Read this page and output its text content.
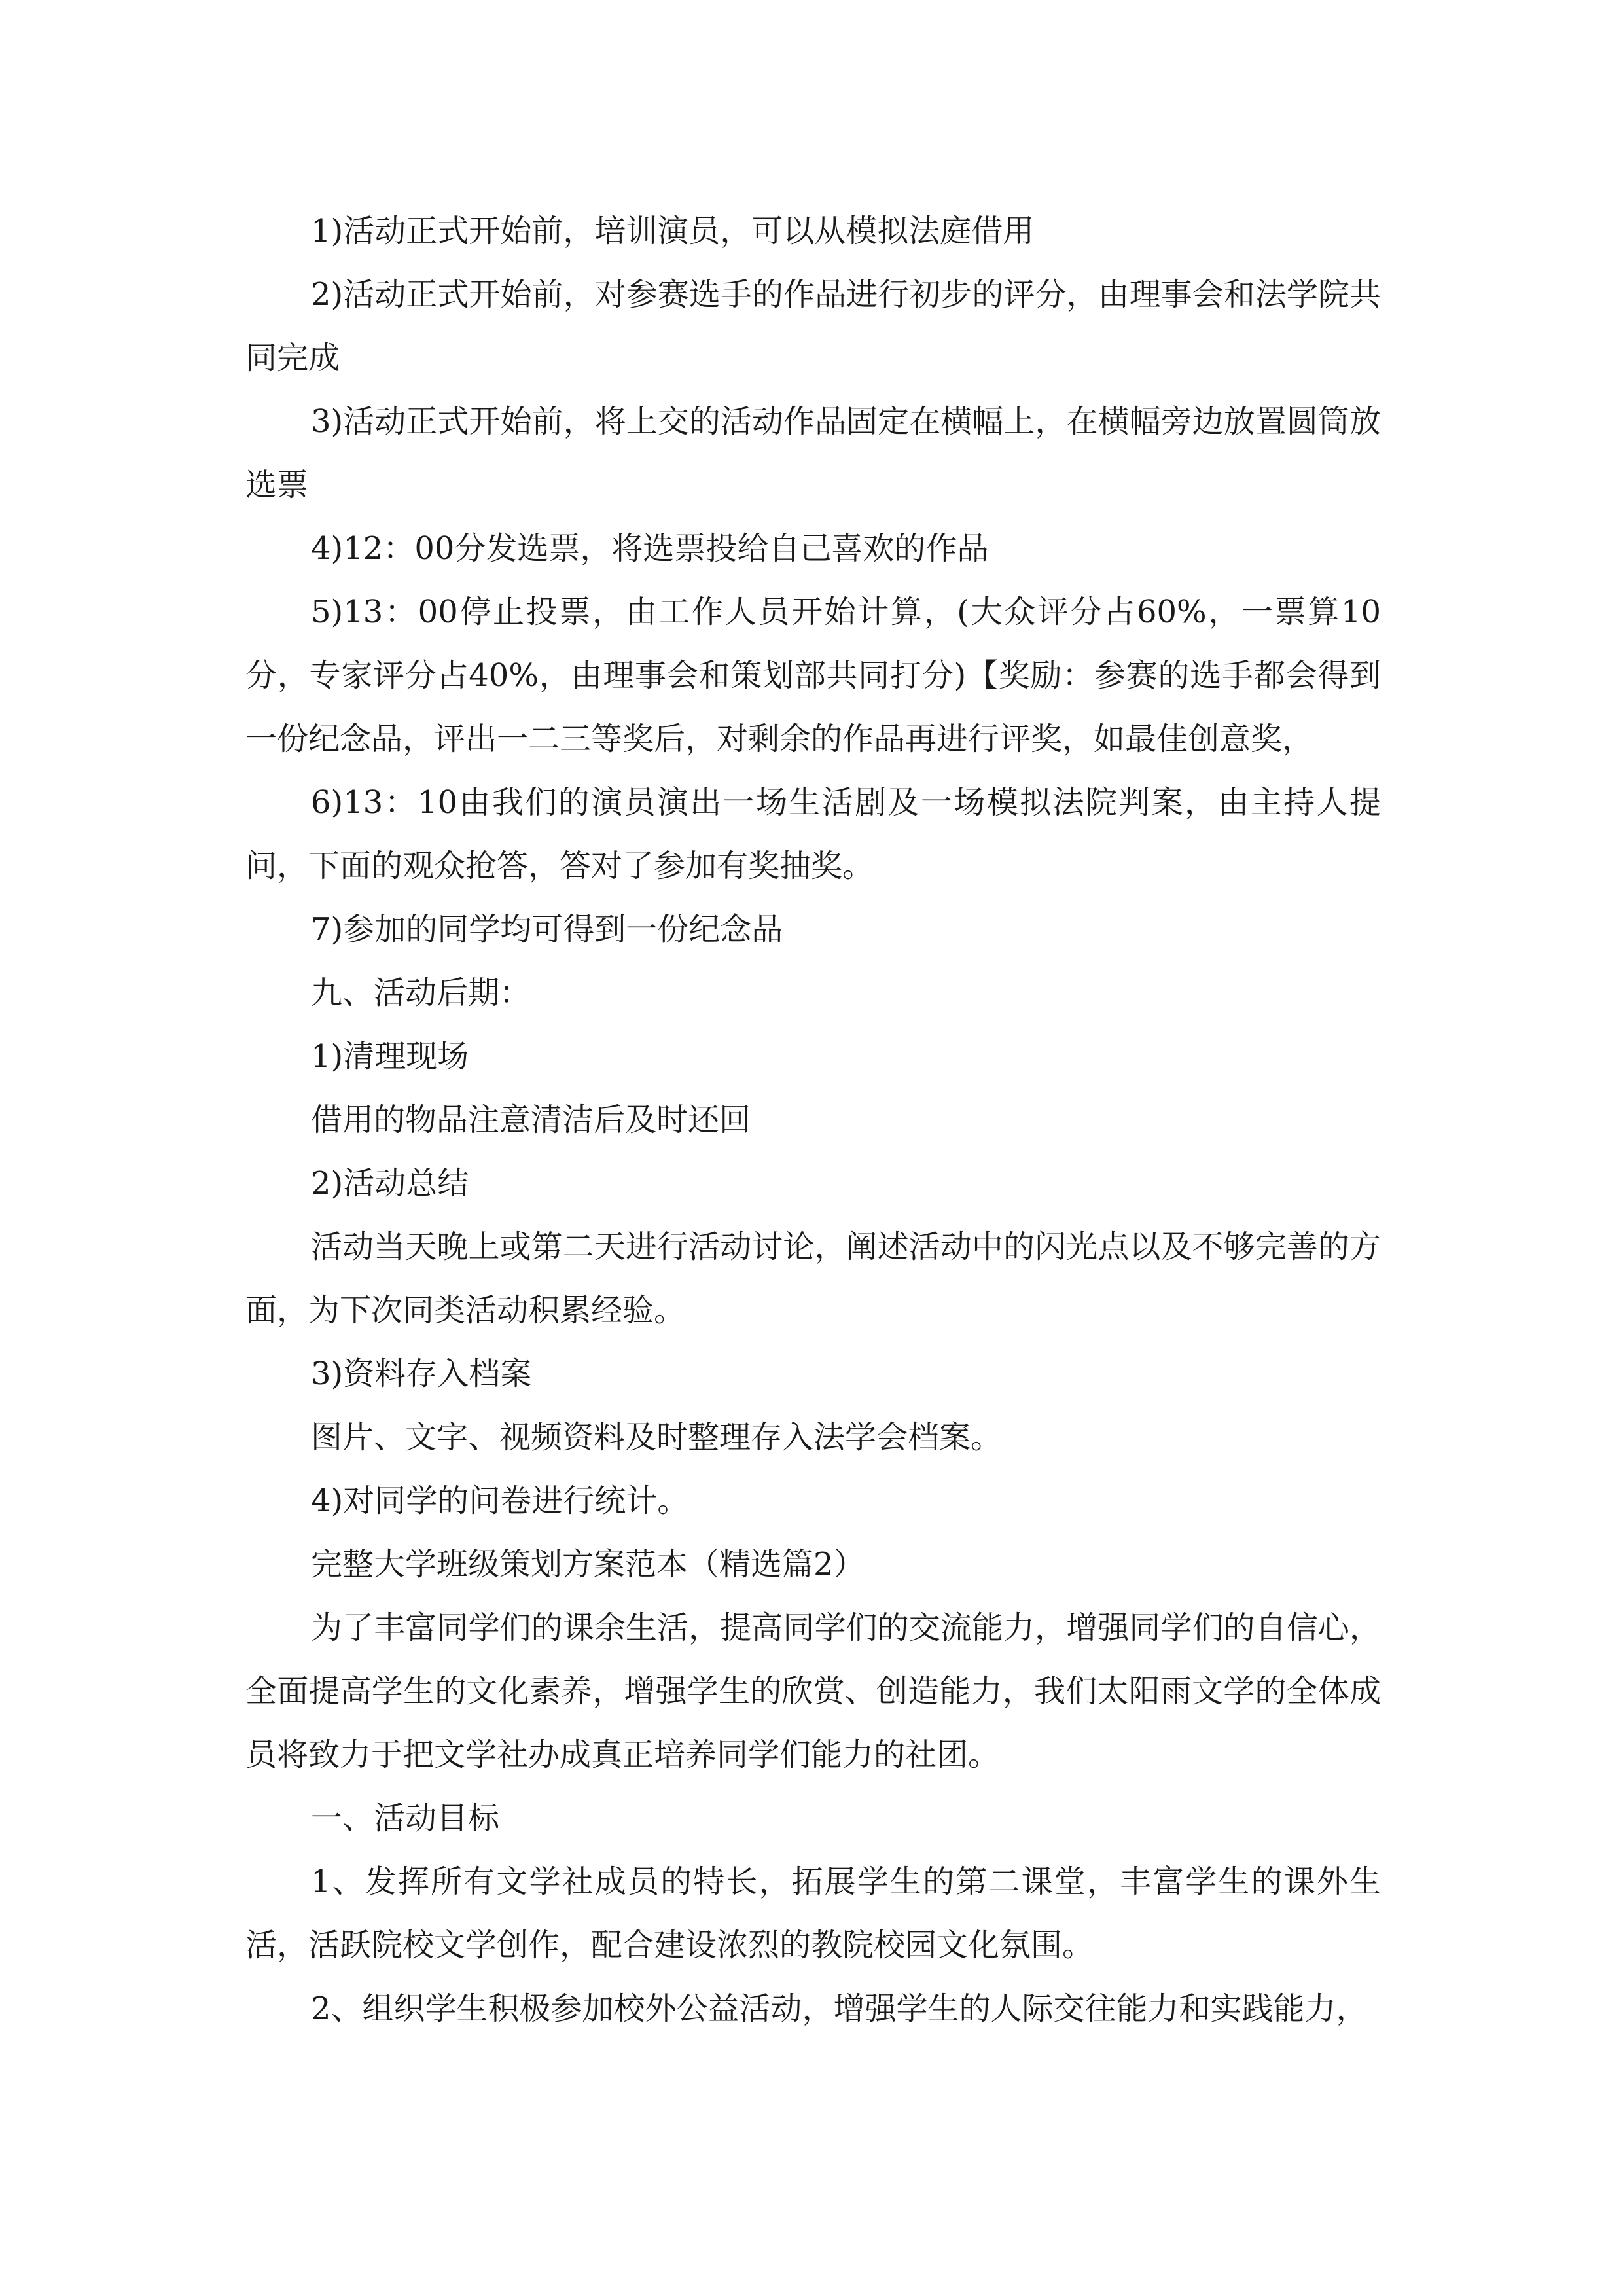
1)活动正式开始前，培训演员，可以从模拟法庭借用

2)活动正式开始前，对参赛选手的作品进行初步的评分，由理事会和法学院共同完成

3)活动正式开始前，将上交的活动作品固定在横幅上，在横幅旁边放置圆筒放选票

4)12：00分发选票，将选票投给自己喜欢的作品

5)13：00停止投票，由工作人员开始计算，(大众评分占60%，一票算10分，专家评分占40%，由理事会和策划部共同打分)【奖励：参赛的选手都会得到一份纪念品，评出一二三等奖后，对剩余的作品再进行评奖，如最佳创意奖，

6)13：10由我们的演员演出一场生活剧及一场模拟法院判案，由主持人提问，下面的观众抢答，答对了参加有奖抽奖。

7)参加的同学均可得到一份纪念品

九、活动后期：

1)清理现场

借用的物品注意清洁后及时还回

2)活动总结

活动当天晚上或第二天进行活动讨论，阐述活动中的闪光点以及不够完善的方面，为下次同类活动积累经验。

3)资料存入档案

图片、文字、视频资料及时整理存入法学会档案。

4)对同学的问卷进行统计。

完整大学班级策划方案范本（精选篇2）

为了丰富同学们的课余生活，提高同学们的交流能力，增强同学们的自信心，全面提高学生的文化素养，增强学生的欣赏、创造能力，我们太阳雨文学的全体成员将致力于把文学社办成真正培养同学们能力的社团。

一、活动目标

1、发挥所有文学社成员的特长，拓展学生的第二课堂，丰富学生的课外生活，活跃院校文学创作，配合建设浓烈的教院校园文化氛围。

2、组织学生积极参加校外公益活动，增强学生的人际交往能力和实践能力，
